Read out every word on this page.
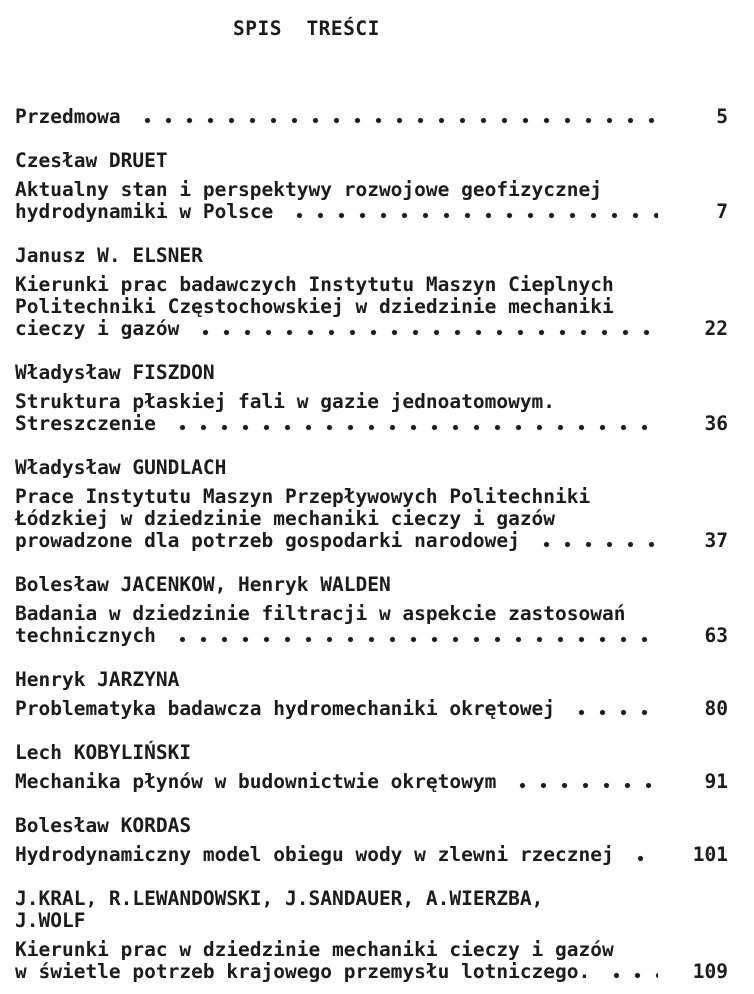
SPIS  TREŚCI
Przedmowa	5
Czesław DRUET
Aktualny stan i perspektywy rozwojowe geofizycznej
hydrodynamiki w Polsce	7
Janusz W. ELSNER
Kierunki prac badawczych Instytutu Maszyn Cieplnych
Politechniki Częstochowskiej w dziedzinie mechaniki
cieczy i gazów	22
Władysław FISZDON
Struktura płaskiej fali w gazie jednoatomowym.
Streszczenie	36
Władysław GUNDLACH
Prace Instytutu Maszyn Przepływowych Politechniki
Łódzkiej w dziedzinie mechaniki cieczy i gazów
prowadzone dla potrzeb gospodarki narodowej	37
Bolesław JACENKOW, Henryk WALDEN
Badania w dziedzinie filtracji w aspekcie zastosowań
technicznych	63
Henryk JARZYNA
Problematyka badawcza hydromechaniki okrętowej	80
Lech KOBYLIŃSKI
Mechanika płynów w budownictwie okrętowym	91
Bolesław KORDAS
Hydrodynamiczny model obiegu wody w zlewni rzecznej	101
J.KRAL, R.LEWANDOWSKI, J.SANDAUER, A.WIERZBA,
J.WOLF
Kierunki prac w dziedzinie mechaniki cieczy i gazów
w świetle potrzeb krajowego przemysłu lotniczego.	109
